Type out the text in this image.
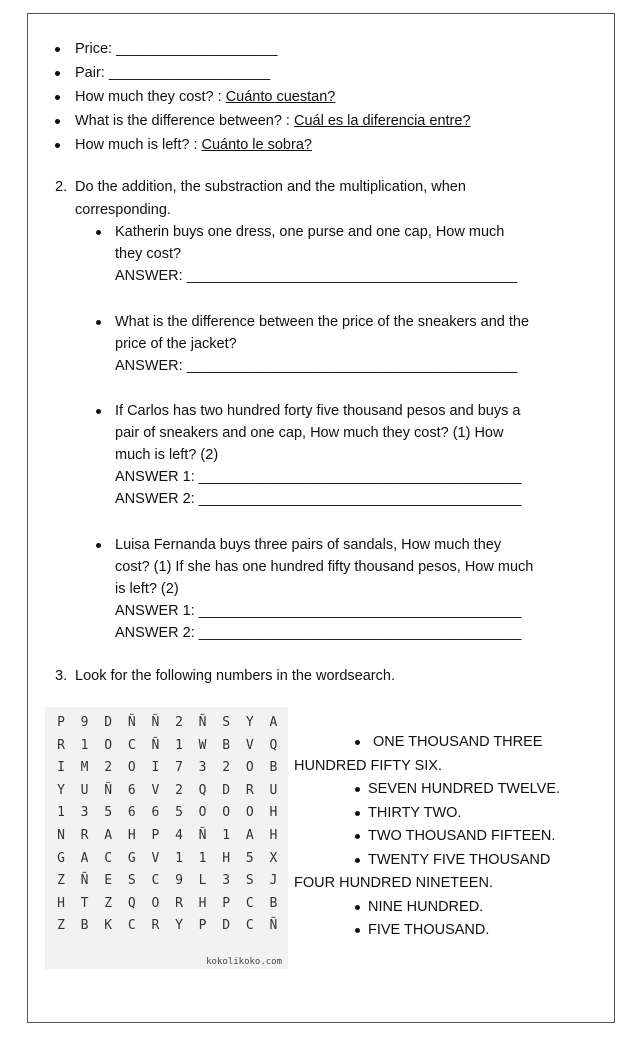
Price: ____________________
Pair: ____________________
How much they cost? : Cuánto cuestan?
What is the difference between? : Cuál es la diferencia entre?
How much is left? : Cuánto le sobra?
2. Do the addition, the substraction and the multiplication, when
corresponding.
Katherin buys one dress, one purse and one cap, How much
they cost?
ANSWER: _________________________________________
What is the difference between the price of the sneakers and the
price of the jacket?
ANSWER: _________________________________________
If Carlos has two hundred forty five thousand pesos and buys a
pair of sneakers and one cap, How much they cost? (1) How
much is left? (2)
ANSWER 1: ________________________________________
ANSWER 2: ________________________________________
Luisa Fernanda buys three pairs of sandals, How much they
cost? (1) If she has one hundred fifty thousand pesos, How much
is left? (2)
ANSWER 1: ________________________________________
ANSWER 2: ________________________________________
3. Look for the following numbers in the wordsearch.
kokolikoko.com
P	9	D	Ñ	Ñ	2	Ñ	S	Y	A
R	1	O	C	Ñ	1	W	B	V	Q
I	M	2	O	I	7	3	2	O	B
Y	U	Ñ	6	V	2	Q	D	R	U
1	3	5	6	6	5	O	O	O	H
N	R	A	H	P	4	Ñ	1	A	H
G	A	C	G	V	1	1	H	5	X
Z	Ñ	E	S	C	9	L	3	S	J
H	T	Z	Q	O	R	H	P	C	B
Z	B	K	C	R	Y	P	D	C	Ñ
ONE THOUSAND THREE
HUNDRED FIFTY SIX.
SEVEN HUNDRED TWELVE.
THIRTY TWO.
TWO THOUSAND FIFTEEN.
TWENTY FIVE THOUSAND
FOUR HUNDRED NINETEEN.
NINE HUNDRED.
FIVE THOUSAND.
